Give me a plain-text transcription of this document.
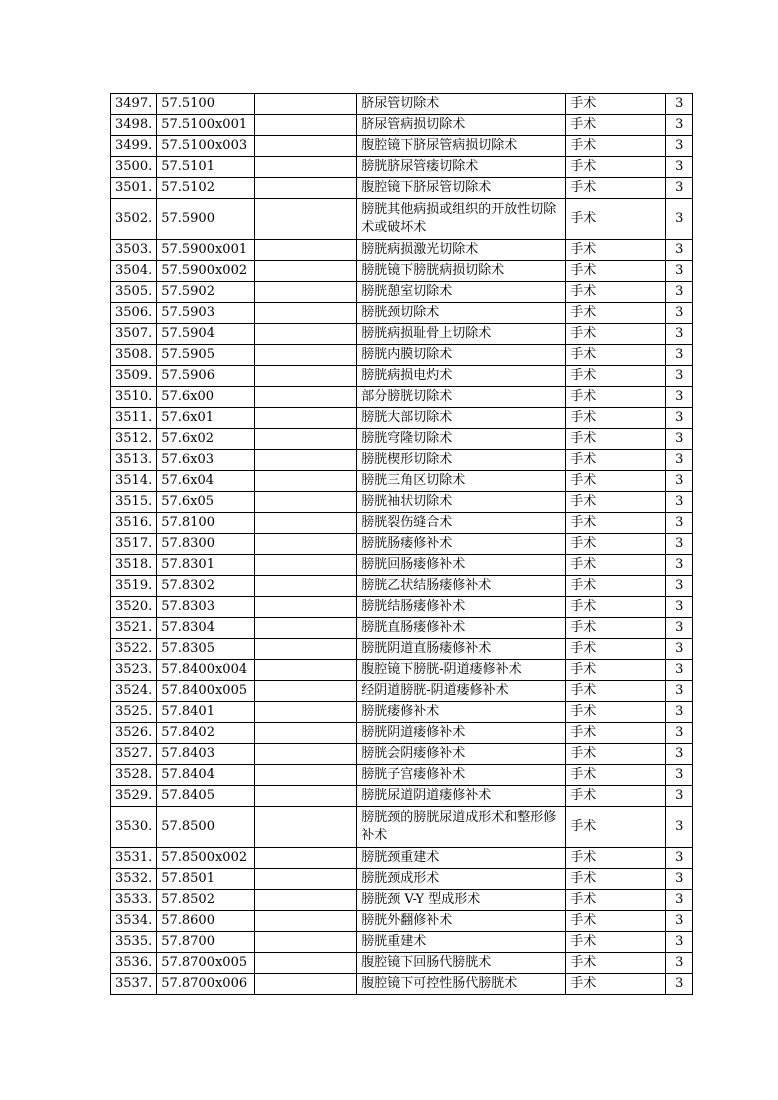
3497.	57.5100		脐尿管切除术	手术	3
3498.	57.5100x001		脐尿管病损切除术	手术	3
3499.	57.5100x003		腹腔镜下脐尿管病损切除术	手术	3
3500.	57.5101		膀胱脐尿管瘘切除术	手术	3
3501.	57.5102		腹腔镜下脐尿管切除术	手术	3
3502.	57.5900		膀胱其他病损或组织的开放性切除术或破坏术	手术	3
3503.	57.5900x001		膀胱病损激光切除术	手术	3
3504.	57.5900x002		膀胱镜下膀胱病损切除术	手术	3
3505.	57.5902		膀胱憩室切除术	手术	3
3506.	57.5903		膀胱颈切除术	手术	3
3507.	57.5904		膀胱病损耻骨上切除术	手术	3
3508.	57.5905		膀胱内膜切除术	手术	3
3509.	57.5906		膀胱病损电灼术	手术	3
3510.	57.6x00		部分膀胱切除术	手术	3
3511.	57.6x01		膀胱大部切除术	手术	3
3512.	57.6x02		膀胱穹隆切除术	手术	3
3513.	57.6x03		膀胱楔形切除术	手术	3
3514.	57.6x04		膀胱三角区切除术	手术	3
3515.	57.6x05		膀胱袖状切除术	手术	3
3516.	57.8100		膀胱裂伤缝合术	手术	3
3517.	57.8300		膀胱肠瘘修补术	手术	3
3518.	57.8301		膀胱回肠瘘修补术	手术	3
3519.	57.8302		膀胱乙状结肠瘘修补术	手术	3
3520.	57.8303		膀胱结肠瘘修补术	手术	3
3521.	57.8304		膀胱直肠瘘修补术	手术	3
3522.	57.8305		膀胱阴道直肠瘘修补术	手术	3
3523.	57.8400x004		腹腔镜下膀胱-阴道瘘修补术	手术	3
3524.	57.8400x005		经阴道膀胱-阴道瘘修补术	手术	3
3525.	57.8401		膀胱瘘修补术	手术	3
3526.	57.8402		膀胱阴道瘘修补术	手术	3
3527.	57.8403		膀胱会阴瘘修补术	手术	3
3528.	57.8404		膀胱子宫瘘修补术	手术	3
3529.	57.8405		膀胱尿道阴道瘘修补术	手术	3
3530.	57.8500		膀胱颈的膀胱尿道成形术和整形修补术	手术	3
3531.	57.8500x002		膀胱颈重建术	手术	3
3532.	57.8501		膀胱颈成形术	手术	3
3533.	57.8502		膀胱颈 V-Y 型成形术	手术	3
3534.	57.8600		膀胱外翻修补术	手术	3
3535.	57.8700		膀胱重建术	手术	3
3536.	57.8700x005		腹腔镜下回肠代膀胱术	手术	3
3537.	57.8700x006		腹腔镜下可控性肠代膀胱术	手术	3
